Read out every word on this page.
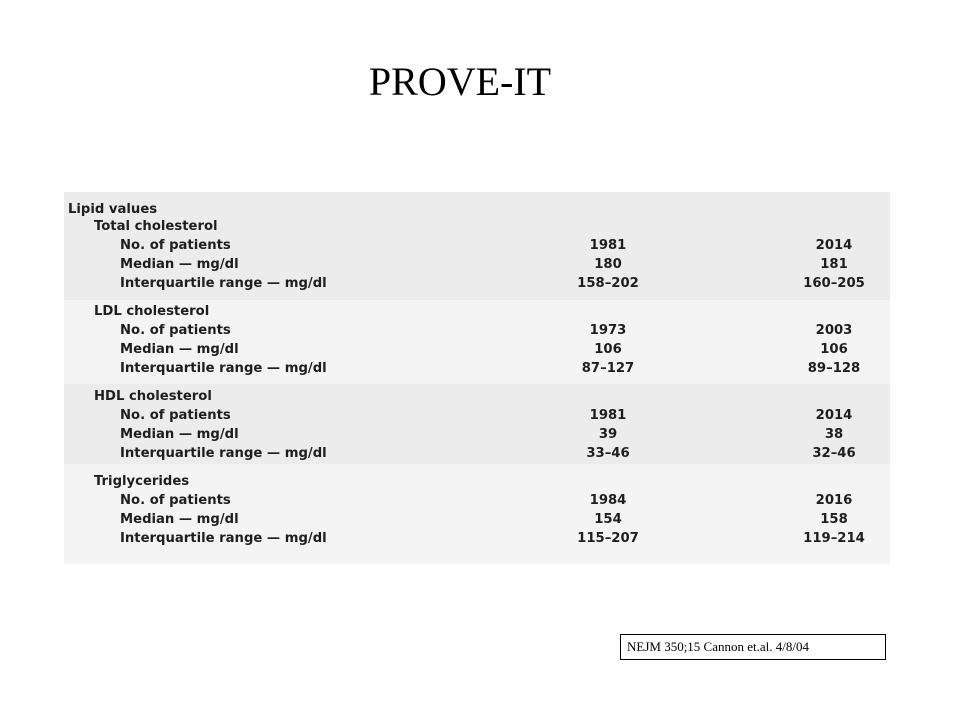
PROVE-IT
Lipid values
Total cholesterol
No. of patients	1981	2014
Median — mg/dl	180	181
Interquartile range — mg/dl	158–202	160–205
LDL cholesterol
No. of patients	1973	2003
Median — mg/dl	106	106
Interquartile range — mg/dl	87–127	89–128
HDL cholesterol
No. of patients	1981	2014
Median — mg/dl	39	38
Interquartile range — mg/dl	33–46	32–46
Triglycerides
No. of patients	1984	2016
Median — mg/dl	154	158
Interquartile range — mg/dl	115–207	119–214
NEJM 350;15 Cannon et.al. 4/8/04
